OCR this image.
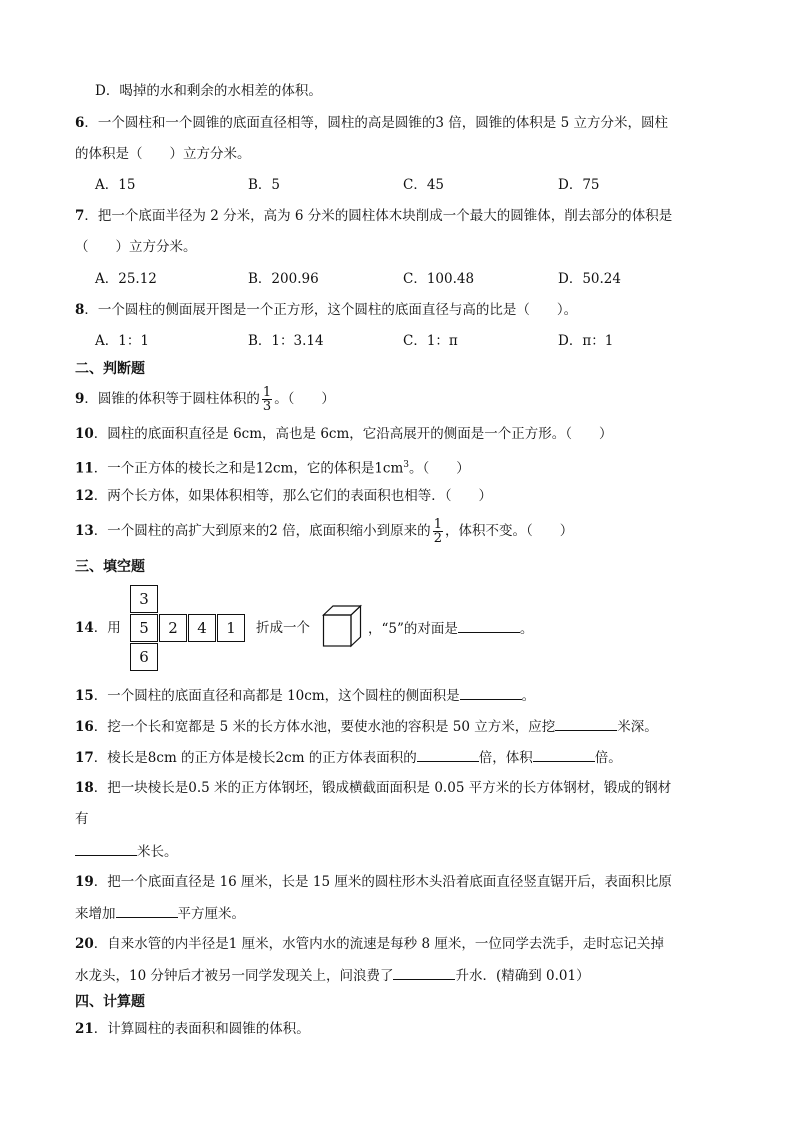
D．喝掉的水和剩余的水相差的体积。
6．一个圆柱和一个圆锥的底面直径相等，圆柱的高是圆锥的3 倍，圆锥的体积是 5 立方分米，圆柱
的体积是（　　）立方分米。
A．15	B．5	C．45	D．75
7．把一个底面半径为 2 分米，高为 6 分米的圆柱体木块削成一个最大的圆锥体，削去部分的体积是
（　　）立方分米。
A．25.12	B．200.96	C．100.48	D．50.24
8．一个圆柱的侧面展开图是一个正方形，这个圆柱的底面直径与高的比是（　　）。
A．1：1	B．1：3.14	C．1：π	D．π：1
二、判断题
9．圆锥的体积等于圆柱体积的 $\frac{1}{3}$ 。（　　）
10．圆柱的底面积直径是 6cm，高也是 6cm，它沿高展开的侧面是一个正方形。（　　）
11．一个正方体的棱长之和是12cm，它的体积是$1cm^3$。（　　）
12．两个长方体，如果体积相等，那么它们的表面积也相等．（　　）
13．一个圆柱的高扩大到原来的2 倍，底面积缩小到原来的 $\frac{1}{2}$ ，体积不变。（　　）
三、填空题
14．用
3
5	2	4	1
6
折成一个	，“5”的对面是	。
15．一个圆柱的底面直径和高都是 10cm，这个圆柱的侧面积是	。
16．挖一个长和宽都是 5 米的长方体水池，要使水池的容积是 50 立方米，应挖	米深。
17．棱长是8cm 的正方体是棱长2cm 的正方体表面积的	倍，体积	倍。
18．把一块棱长是0.5 米的正方体钢坯，锻成横截面面积是 0.05 平方米的长方体钢材，锻成的钢材
有
米长。
19．把一个底面直径是 16 厘米，长是 15 厘米的圆柱形木头沿着底面直径竖直锯开后，表面积比原
来增加	平方厘米。
20．自来水管的内半径是1 厘米，水管内水的流速是每秒 8 厘米，一位同学去洗手，走时忘记关掉
水龙头，10 分钟后才被另一同学发现关上，问浪费了	升水．(精确到 0.01）
四、计算题
21．计算圆柱的表面积和圆锥的体积。
